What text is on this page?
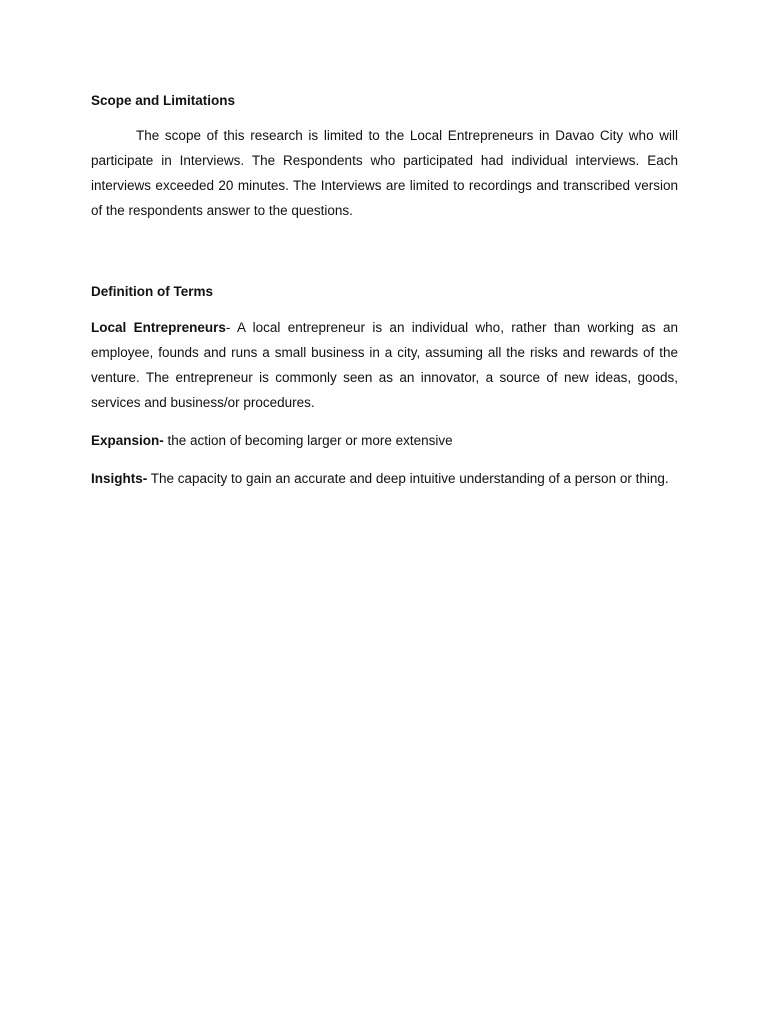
Scope and Limitations

The scope of this research is limited to the Local Entrepreneurs in Davao City who will participate in Interviews. The Respondents who participated had individual interviews. Each interviews exceeded 20 minutes. The Interviews are limited to recordings and transcribed version of the respondents answer to the questions.

Definition of Terms

Local Entrepreneurs- A local entrepreneur is an individual who, rather than working as an employee, founds and runs a small business in a city, assuming all the risks and rewards of the venture. The entrepreneur is commonly seen as an innovator, a source of new ideas, goods, services and business/or procedures.

Expansion- the action of becoming larger or more extensive

Insights- The capacity to gain an accurate and deep intuitive understanding of a person or thing.
